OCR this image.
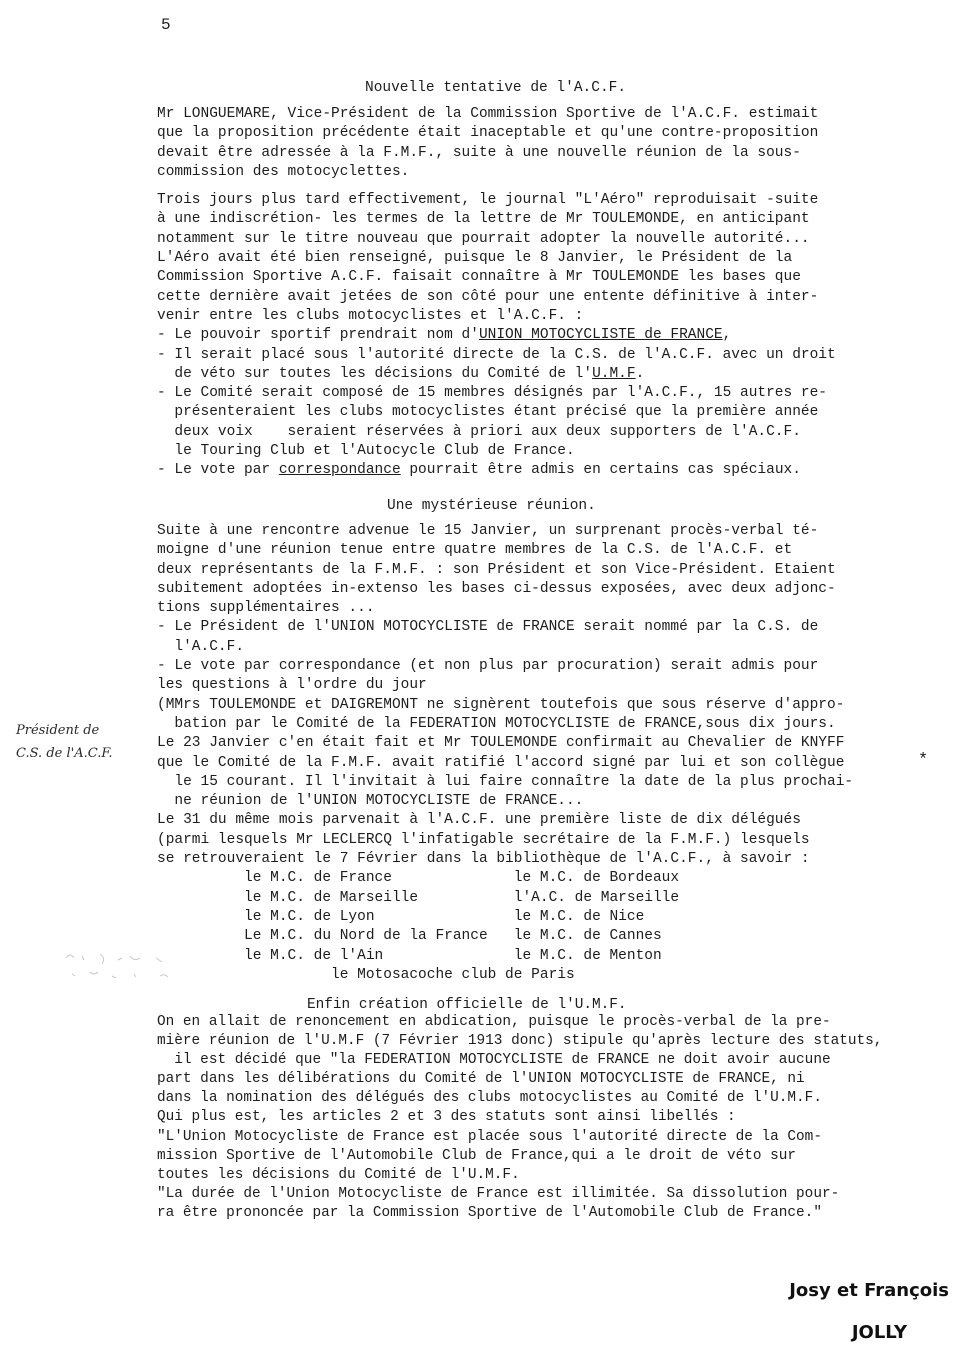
5
Nouvelle tentative de l'A.C.F.
Mr LONGUEMARE, Vice-Président de la Commission Sportive de l'A.C.F. estimait
que la proposition précédente était inaceptable et qu'une contre-proposition
devait être adressée à la F.M.F., suite à une nouvelle réunion de la sous-
commission des motocyclettes.
Trois jours plus tard effectivement, le journal "L'Aéro" reproduisait -suite
à une indiscrétion- les termes de la lettre de Mr TOULEMONDE, en anticipant
notamment sur le titre nouveau que pourrait adopter la nouvelle autorité...
L'Aéro avait été bien renseigné, puisque le 8 Janvier, le Président de la
Commission Sportive A.C.F. faisait connaître à Mr TOULEMONDE les bases que
cette dernière avait jetées de son côté pour une entente définitive à inter-
venir entre les clubs motocyclistes et l'A.C.F. :
- Le pouvoir sportif prendrait nom d'UNION MOTOCYCLISTE de FRANCE,
- Il serait placé sous l'autorité directe de la C.S. de l'A.C.F. avec un droit
de véto sur toutes les décisions du Comité de l'U.M.F.
- Le Comité serait composé de 15 membres désignés par l'A.C.F., 15 autres re-
présenteraient les clubs motocyclistes étant précisé que la première année
deux voix    seraient réservées à priori aux deux supporters de l'A.C.F.
le Touring Club et l'Autocycle Club de France.
- Le vote par correspondance pourrait être admis en certains cas spéciaux.
Une mystérieuse réunion.
Suite à une rencontre advenue le 15 Janvier, un surprenant procès-verbal té-
moigne d'une réunion tenue entre quatre membres de la C.S. de l'A.C.F. et
deux représentants de la F.M.F. : son Président et son Vice-Président. Etaient
subitement adoptées in-extenso les bases ci-dessus exposées, avec deux adjonc-
tions supplémentaires ...
- Le Président de l'UNION MOTOCYCLISTE de FRANCE serait nommé par la C.S. de
l'A.C.F.
- Le vote par correspondance (et non plus par procuration) serait admis pour
les questions à l'ordre du jour
(MMrs TOULEMONDE et DAIGREMONT ne signèrent toutefois que sous réserve d'appro-
bation par le Comité de la FEDERATION MOTOCYCLISTE de FRANCE,sous dix jours.
Le 23 Janvier c'en était fait et Mr TOULEMONDE confirmait au Chevalier de KNYFF
que le Comité de la F.M.F. avait ratifié l'accord signé par lui et son collègue
le 15 courant. Il l'invitait à lui faire connaître la date de la plus prochai-
ne réunion de l'UNION MOTOCYCLISTE de FRANCE...
Le 31 du même mois parvenait à l'A.C.F. une première liste de dix délégués
(parmi lesquels Mr LECLERCQ l'infatigable secrétaire de la F.M.F.) lesquels
se retrouveraient le 7 Février dans la bibliothèque de l'A.C.F., à savoir :
le M.C. de France              le M.C. de Bordeaux
le M.C. de Marseille           l'A.C. de Marseille
le M.C. de Lyon                le M.C. de Nice
Le M.C. du Nord de la France   le M.C. de Cannes
le M.C. de l'Ain               le M.C. de Menton
le Motosacoche club de Paris
Enfin création officielle de l'U.M.F.
On en allait de renoncement en abdication, puisque le procès-verbal de la pre-
mière réunion de l'U.M.F (7 Février 1913 donc) stipule qu'après lecture des statuts,
il est décidé que "la FEDERATION MOTOCYCLISTE de FRANCE ne doit avoir aucune
part dans les délibérations du Comité de l'UNION MOTOCYCLISTE de FRANCE, ni
dans la nomination des délégués des clubs motocyclistes au Comité de l'U.M.F.
Qui plus est, les articles 2 et 3 des statuts sont ainsi libellés :
"L'Union Motocycliste de France est placée sous l'autorité directe de la Com-
mission Sportive de l'Automobile Club de France,qui a le droit de véto sur
toutes les décisions du Comité de l'U.M.F.
"La durée de l'Union Motocycliste de France est illimitée. Sa dissolution pour-
ra être prononcée par la Commission Sportive de l'Automobile Club de France."
Président de
C.S. de l'A.C.F.	*
Josy et François
JOLLY
